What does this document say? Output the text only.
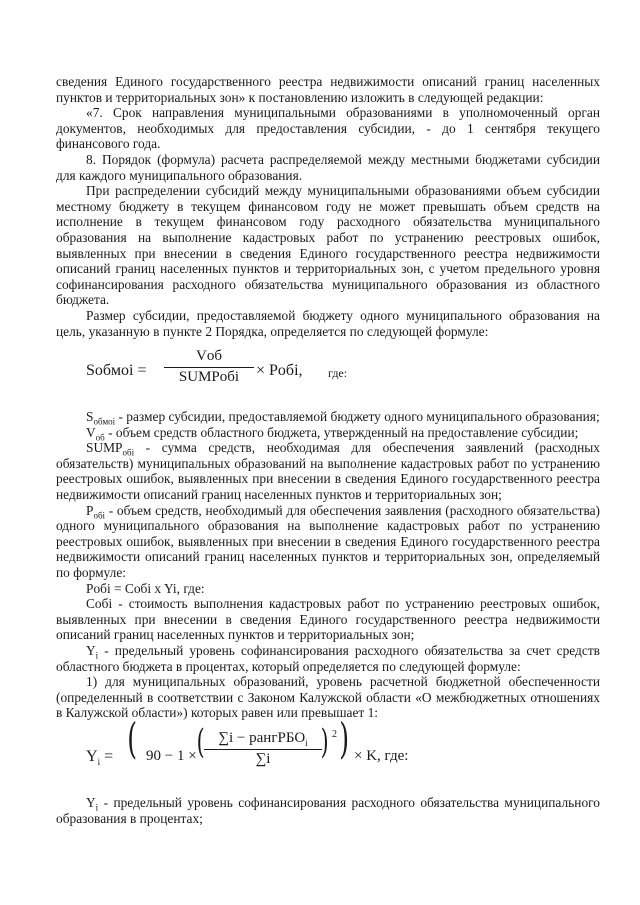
сведения Единого государственного реестра недвижимости описаний границ населенных пунктов и территориальных зон» к постановлению изложить в следующей редакции:

«7. Срок направления муниципальными образованиями в уполномоченный орган документов, необходимых для предоставления субсидии, - до 1 сентября текущего финансового года.

8. Порядок (формула) расчета распределяемой между местными бюджетами субсидии для каждого муниципального образования.

При распределении субсидий между муниципальными образованиями объем субсидии местному бюджету в текущем финансовом году не может превышать объем средств на исполнение в текущем финансовом году расходного обязательства муниципального образования на выполнение кадастровых работ по устранению реестровых ошибок, выявленных при внесении в сведения Единого государственного реестра недвижимости описаний границ населенных пунктов и территориальных зон, с учетом предельного уровня софинансирования расходного обязательства муниципального образования из областного бюджета.

Размер субсидии, предоставляемой бюджету одного муниципального образования на цель, указанную в пункте 2 Порядка, определяется по следующей формуле:

Sобмоi =
Vоб
SUMPобi	× Pобi, где:

$S_{обмоi}$ - размер субсидии, предоставляемой бюджету одного муниципального образования;

$V_{об}$ - объем средств областного бюджета, утвержденный на предоставление субсидии;

$SUMP_{обi}$ - сумма средств, необходимая для обеспечения заявлений (расходных обязательств) муниципальных образований на выполнение кадастровых работ по устранению реестровых ошибок, выявленных при внесении в сведения Единого государственного реестра недвижимости описаний границ населенных пунктов и территориальных зон;

$P_{обi}$ - объем средств, необходимый для обеспечения заявления (расходного обязательства) одного муниципального образования на выполнение кадастровых работ по устранению реестровых ошибок, выявленных при внесении в сведения Единого государственного реестра недвижимости описаний границ населенных пунктов и территориальных зон, определяемый по формуле:

Pобi = Cобi x Yi, где:

Cобi - стоимость выполнения кадастровых работ по устранению реестровых ошибок, выявленных при внесении в сведения Единого государственного реестра недвижимости описаний границ населенных пунктов и территориальных зон;

$Y_i$ - предельный уровень софинансирования расходного обязательства за счет средств областного бюджета в процентах, который определяется по следующей формуле:

1) для муниципальных образований, уровень расчетной бюджетной обеспеченности (определенный в соответствии с Законом Калужской области «О межбюджетных отношениях в Калужской области») которых равен или превышает 1:

$Y_i$ = ( 90 − 1 × ( ∑i − рангРБО$_i$
∑i	) 2 ) × K, где:

$Y_i$ - предельный уровень софинансирования расходного обязательства муниципального образования в процентах;
